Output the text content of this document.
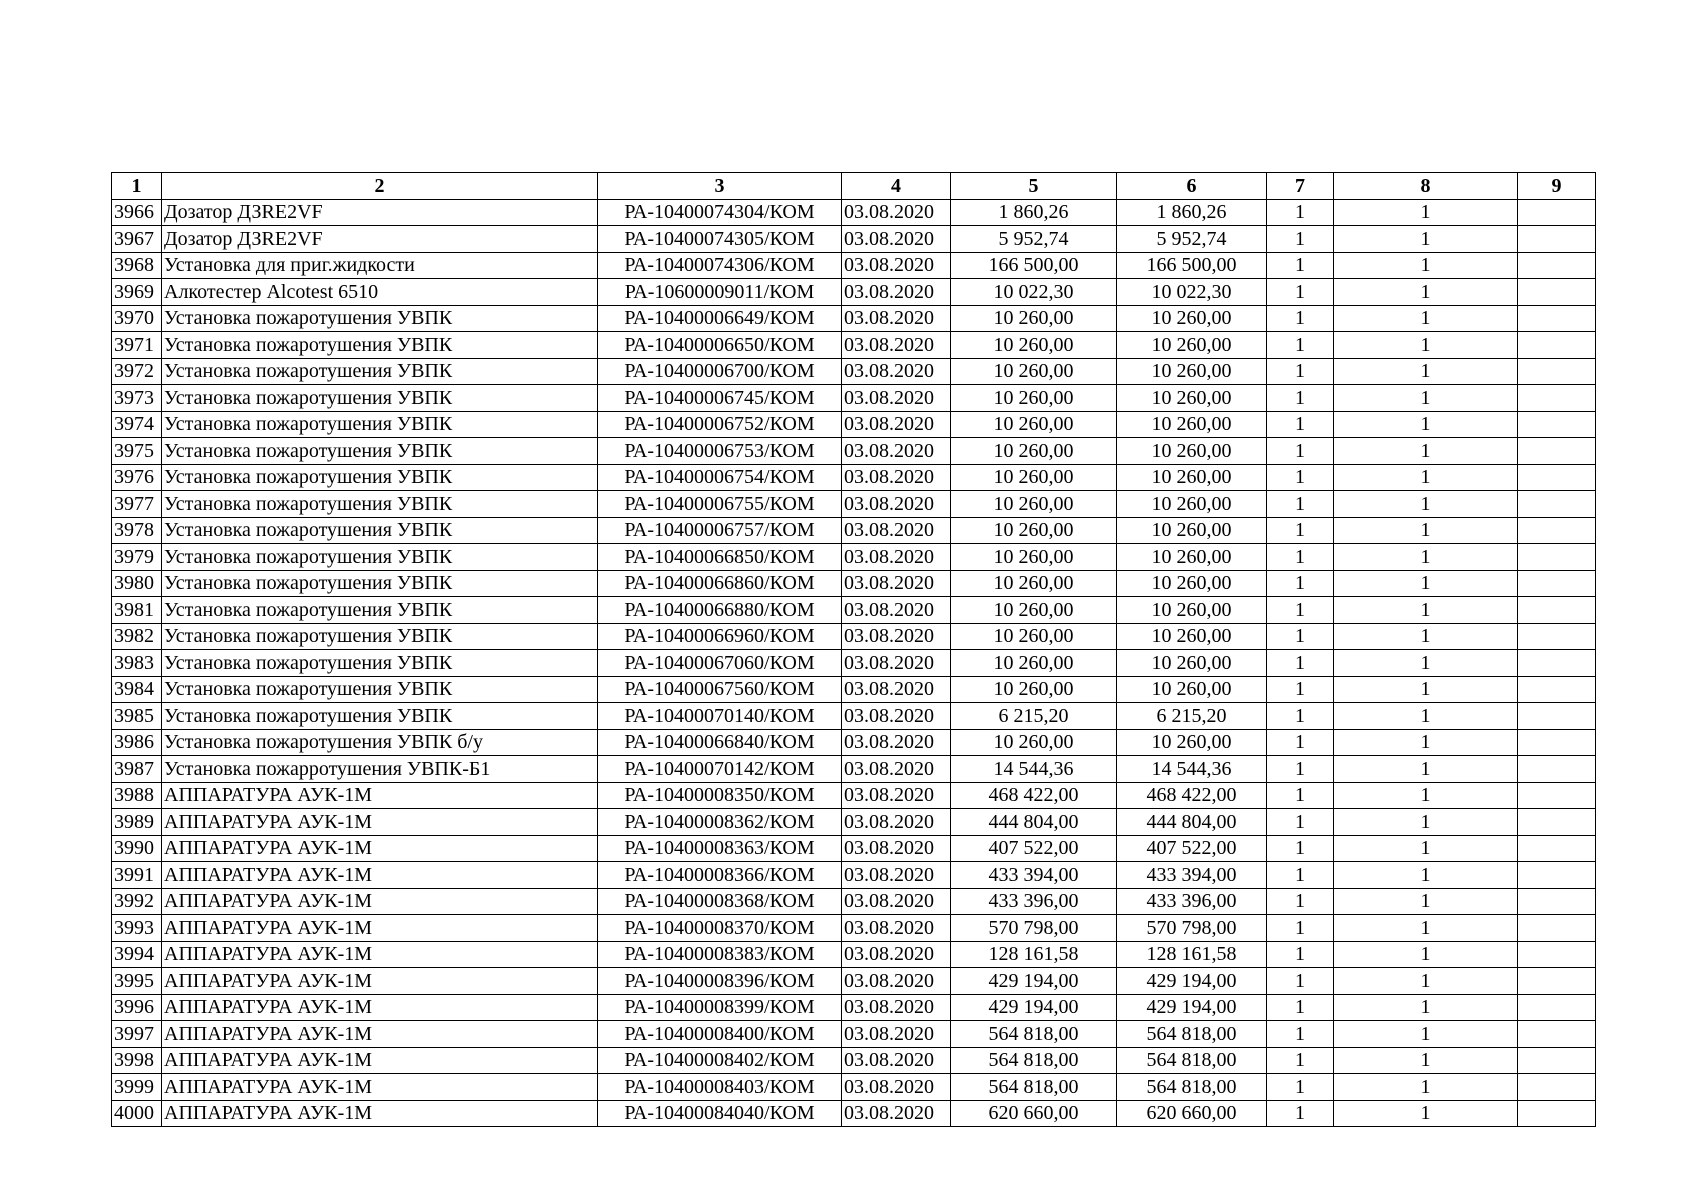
1	2	3	4	5	6	7	8	9
3966	Дозатор ДЗRE2VF	РА-10400074304/КОМ	03.08.2020	1 860,26	1 860,26	1	1	
3967	Дозатор ДЗRE2VF	РА-10400074305/КОМ	03.08.2020	5 952,74	5 952,74	1	1	
3968	Установка для приг.жидкости	РА-10400074306/КОМ	03.08.2020	166 500,00	166 500,00	1	1	
3969	Алкотестер Alcotest 6510	РА-10600009011/КОМ	03.08.2020	10 022,30	10 022,30	1	1	
3970	Установка пожаротушения УВПК	РА-10400006649/КОМ	03.08.2020	10 260,00	10 260,00	1	1	
3971	Установка пожаротушения УВПК	РА-10400006650/КОМ	03.08.2020	10 260,00	10 260,00	1	1	
3972	Установка пожаротушения УВПК	РА-10400006700/КОМ	03.08.2020	10 260,00	10 260,00	1	1	
3973	Установка пожаротушения УВПК	РА-10400006745/КОМ	03.08.2020	10 260,00	10 260,00	1	1	
3974	Установка пожаротушения УВПК	РА-10400006752/КОМ	03.08.2020	10 260,00	10 260,00	1	1	
3975	Установка пожаротушения УВПК	РА-10400006753/КОМ	03.08.2020	10 260,00	10 260,00	1	1	
3976	Установка пожаротушения УВПК	РА-10400006754/КОМ	03.08.2020	10 260,00	10 260,00	1	1	
3977	Установка пожаротушения УВПК	РА-10400006755/КОМ	03.08.2020	10 260,00	10 260,00	1	1	
3978	Установка пожаротушения УВПК	РА-10400006757/КОМ	03.08.2020	10 260,00	10 260,00	1	1	
3979	Установка пожаротушения УВПК	РА-10400066850/КОМ	03.08.2020	10 260,00	10 260,00	1	1	
3980	Установка пожаротушения УВПК	РА-10400066860/КОМ	03.08.2020	10 260,00	10 260,00	1	1	
3981	Установка пожаротушения УВПК	РА-10400066880/КОМ	03.08.2020	10 260,00	10 260,00	1	1	
3982	Установка пожаротушения УВПК	РА-10400066960/КОМ	03.08.2020	10 260,00	10 260,00	1	1	
3983	Установка пожаротушения УВПК	РА-10400067060/КОМ	03.08.2020	10 260,00	10 260,00	1	1	
3984	Установка пожаротушения УВПК	РА-10400067560/КОМ	03.08.2020	10 260,00	10 260,00	1	1	
3985	Установка пожаротушения УВПК	РА-10400070140/КОМ	03.08.2020	6 215,20	6 215,20	1	1	
3986	Установка пожаротушения УВПК б/у	РА-10400066840/КОМ	03.08.2020	10 260,00	10 260,00	1	1	
3987	Установка пожарротушения УВПК-Б1	РА-10400070142/КОМ	03.08.2020	14 544,36	14 544,36	1	1	
3988	АППАРАТУРА АУК-1М	РА-10400008350/КОМ	03.08.2020	468 422,00	468 422,00	1	1	
3989	АППАРАТУРА АУК-1М	РА-10400008362/КОМ	03.08.2020	444 804,00	444 804,00	1	1	
3990	АППАРАТУРА АУК-1М	РА-10400008363/КОМ	03.08.2020	407 522,00	407 522,00	1	1	
3991	АППАРАТУРА АУК-1М	РА-10400008366/КОМ	03.08.2020	433 394,00	433 394,00	1	1	
3992	АППАРАТУРА АУК-1М	РА-10400008368/КОМ	03.08.2020	433 396,00	433 396,00	1	1	
3993	АППАРАТУРА АУК-1М	РА-10400008370/КОМ	03.08.2020	570 798,00	570 798,00	1	1	
3994	АППАРАТУРА АУК-1М	РА-10400008383/КОМ	03.08.2020	128 161,58	128 161,58	1	1	
3995	АППАРАТУРА АУК-1М	РА-10400008396/КОМ	03.08.2020	429 194,00	429 194,00	1	1	
3996	АППАРАТУРА АУК-1М	РА-10400008399/КОМ	03.08.2020	429 194,00	429 194,00	1	1	
3997	АППАРАТУРА АУК-1М	РА-10400008400/КОМ	03.08.2020	564 818,00	564 818,00	1	1	
3998	АППАРАТУРА АУК-1М	РА-10400008402/КОМ	03.08.2020	564 818,00	564 818,00	1	1	
3999	АППАРАТУРА АУК-1М	РА-10400008403/КОМ	03.08.2020	564 818,00	564 818,00	1	1	
4000	АППАРАТУРА АУК-1М	РА-10400084040/КОМ	03.08.2020	620 660,00	620 660,00	1	1	
